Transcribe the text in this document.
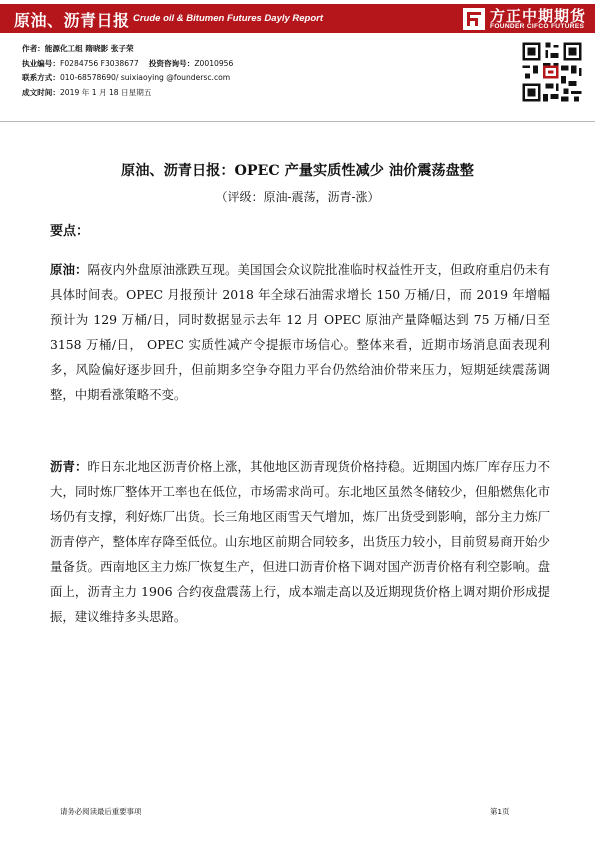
原油、沥青日报 Crude oil & Bitumen Futures Dayly Report	方正中期期货
FOUNDER CIFCO FUTURES
作者：能源化工组 隋晓影 张子荣
执业编号：F0284756 F3038677 投资咨询号：Z0010956
联系方式：010-68578690/ suixiaoying @foundersc.com
成文时间：2019 年 1 月 18 日星期五
原油、沥青日报：OPEC 产量实质性减少 油价震荡盘整
（评级：原油-震荡，沥青-涨）
要点：
原油：隔夜内外盘原油涨跌互现。美国国会众议院批准临时权益性开支，但政府重启仍未有具体时间表。OPEC 月报预计 2018 年全球石油需求增长 150 万桶/日，而 2019 年增幅预计为 129 万桶/日，同时数据显示去年 12 月 OPEC 原油产量降幅达到 75 万桶/日至 3158 万桶/日， OPEC 实质性减产令提振市场信心。整体来看，近期市场消息面表现利多，风险偏好逐步回升，但前期多空争夺阻力平台仍然给油价带来压力，短期延续震荡调整，中期看涨策略不变。
沥青：昨日东北地区沥青价格上涨，其他地区沥青现货价格持稳。近期国内炼厂库存压力不大，同时炼厂整体开工率也在低位，市场需求尚可。东北地区虽然冬储较少，但船燃焦化市场仍有支撑，利好炼厂出货。长三角地区雨雪天气增加，炼厂出货受到影响，部分主力炼厂沥青停产，整体库存降至低位。山东地区前期合同较多，出货压力较小，目前贸易商开始少量备货。西南地区主力炼厂恢复生产，但进口沥青价格下调对国产沥青价格有利空影响。盘面上，沥青主力 1906 合约夜盘震荡上行，成本端走高以及近期现货价格上调对期价形成提振，建议维持多头思路。
请务必阅读最后重要事项	第1页
